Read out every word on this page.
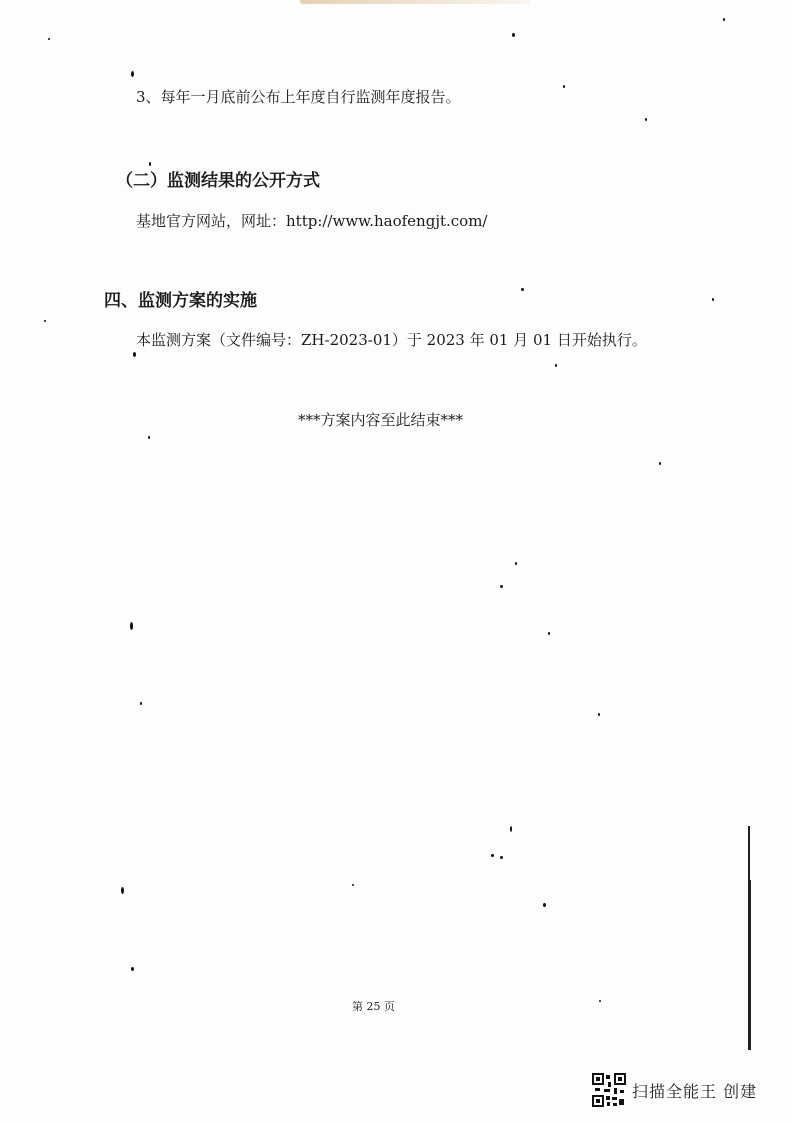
3、每年一月底前公布上年度自行监测年度报告。
（二）监测结果的公开方式
基地官方网站，网址：http://www.haofengjt.com/
四、监测方案的实施
本监测方案（文件编号：ZH-2023-01）于 2023 年 01 月 01 日开始执行。
***方案内容至此结束***
第 25 页
扫描全能王 创建
